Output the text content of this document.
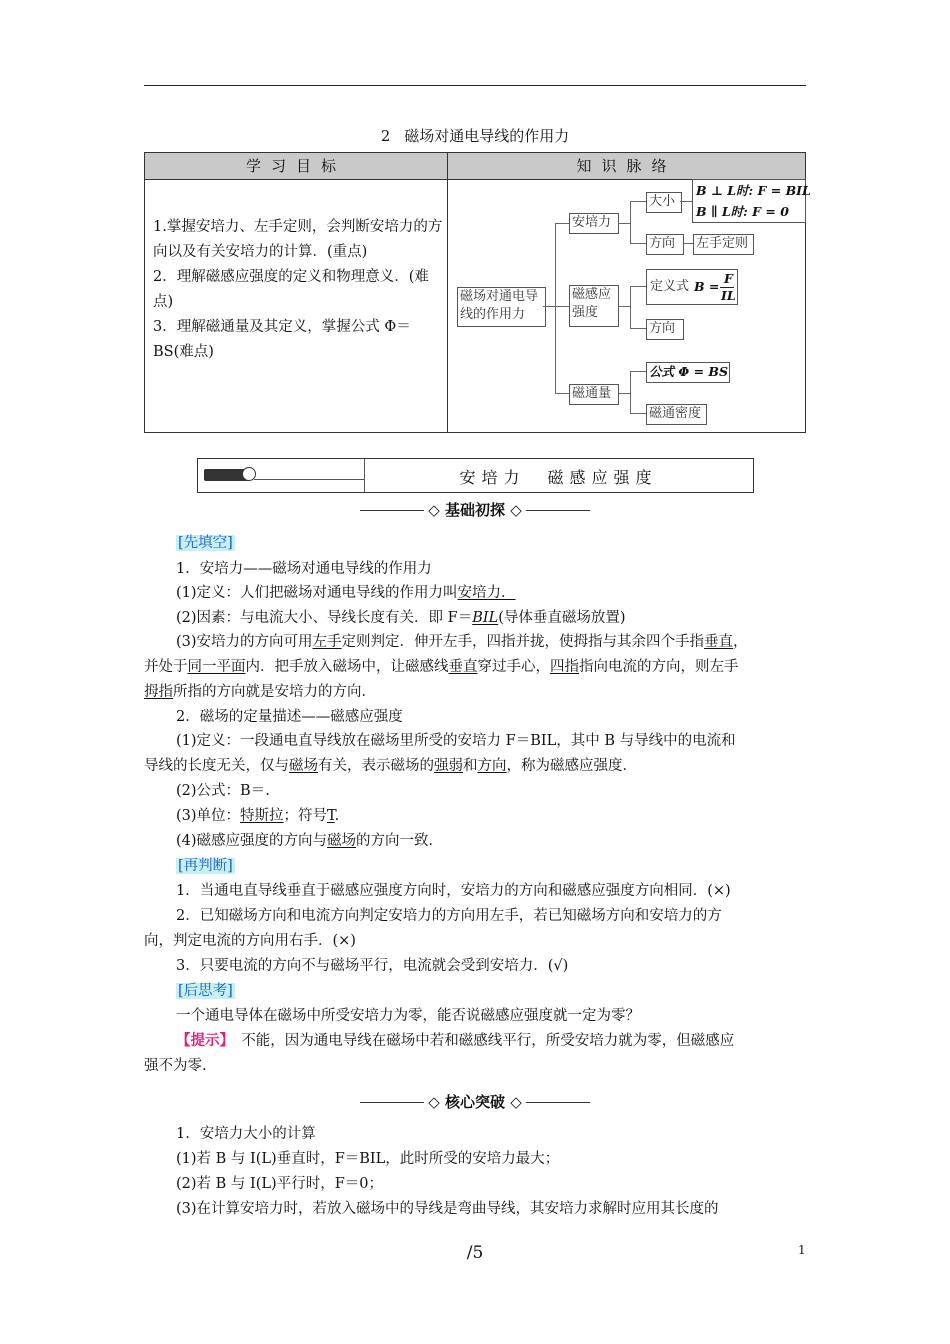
2 磁场对通电导线的作用力
学习目标	知识脉络

1.掌握安培力、左手定则，会判断安培力的方向以及有关安培力的计算．(重点)

2．理解磁感应强度的定义和物理意义．(难点)

3．理解磁通量及其定义，掌握公式 Φ＝BS(难点)

磁场对通电导线的作用力
安培力
大小
B ⊥ L时: F = BIL
B ∥ L时: F = 0
方向	左手定则
磁感应强度
定义式 B =
F
IL
方向
磁通量
公式 Φ = BS
磁通密度
安培力　磁感应强度
◇ 基础初探 ◇
[先填空]
1．安培力——磁场对通电导线的作用力
(1)定义：人们把磁场对通电导线的作用力叫安培力．
(2)因素：与电流大小、导线长度有关．即 F＝BIL(导体垂直磁场放置)
(3)安培力的方向可用左手定则判定．伸开左手，四指并拢，使拇指与其余四个手指垂直，
并处于同一平面内．把手放入磁场中，让磁感线垂直穿过手心，四指指向电流的方向，则左手
拇指所指的方向就是安培力的方向．
2．磁场的定量描述——磁感应强度
(1)定义：一段通电直导线放在磁场里所受的安培力 F＝BIL，其中 B 与导线中的电流和
导线的长度无关，仅与磁场有关，表示磁场的强弱和方向，称为磁感应强度．
(2)公式：B＝.
(3)单位：特斯拉；符号T.
(4)磁感应强度的方向与磁场的方向一致．
[再判断]
1．当通电直导线垂直于磁感应强度方向时，安培力的方向和磁感应强度方向相同．(×)
2．已知磁场方向和电流方向判定安培力的方向用左手，若已知磁场方向和安培力的方
向，判定电流的方向用右手．(×)
3．只要电流的方向不与磁场平行，电流就会受到安培力．(√)
[后思考]
一个通电导体在磁场中所受安培力为零，能否说磁感应强度就一定为零？
【提示】　不能，因为通电导线在磁场中若和磁感线平行，所受安培力就为零，但磁感应
强不为零.
◇ 核心突破 ◇
1．安培力大小的计算
(1)若 B 与 I(L)垂直时，F＝BIL，此时所受的安培力最大；
(2)若 B 与 I(L)平行时，F＝0；
(3)在计算安培力时，若放入磁场中的导线是弯曲导线，其安培力求解时应用其长度的
/5	1
